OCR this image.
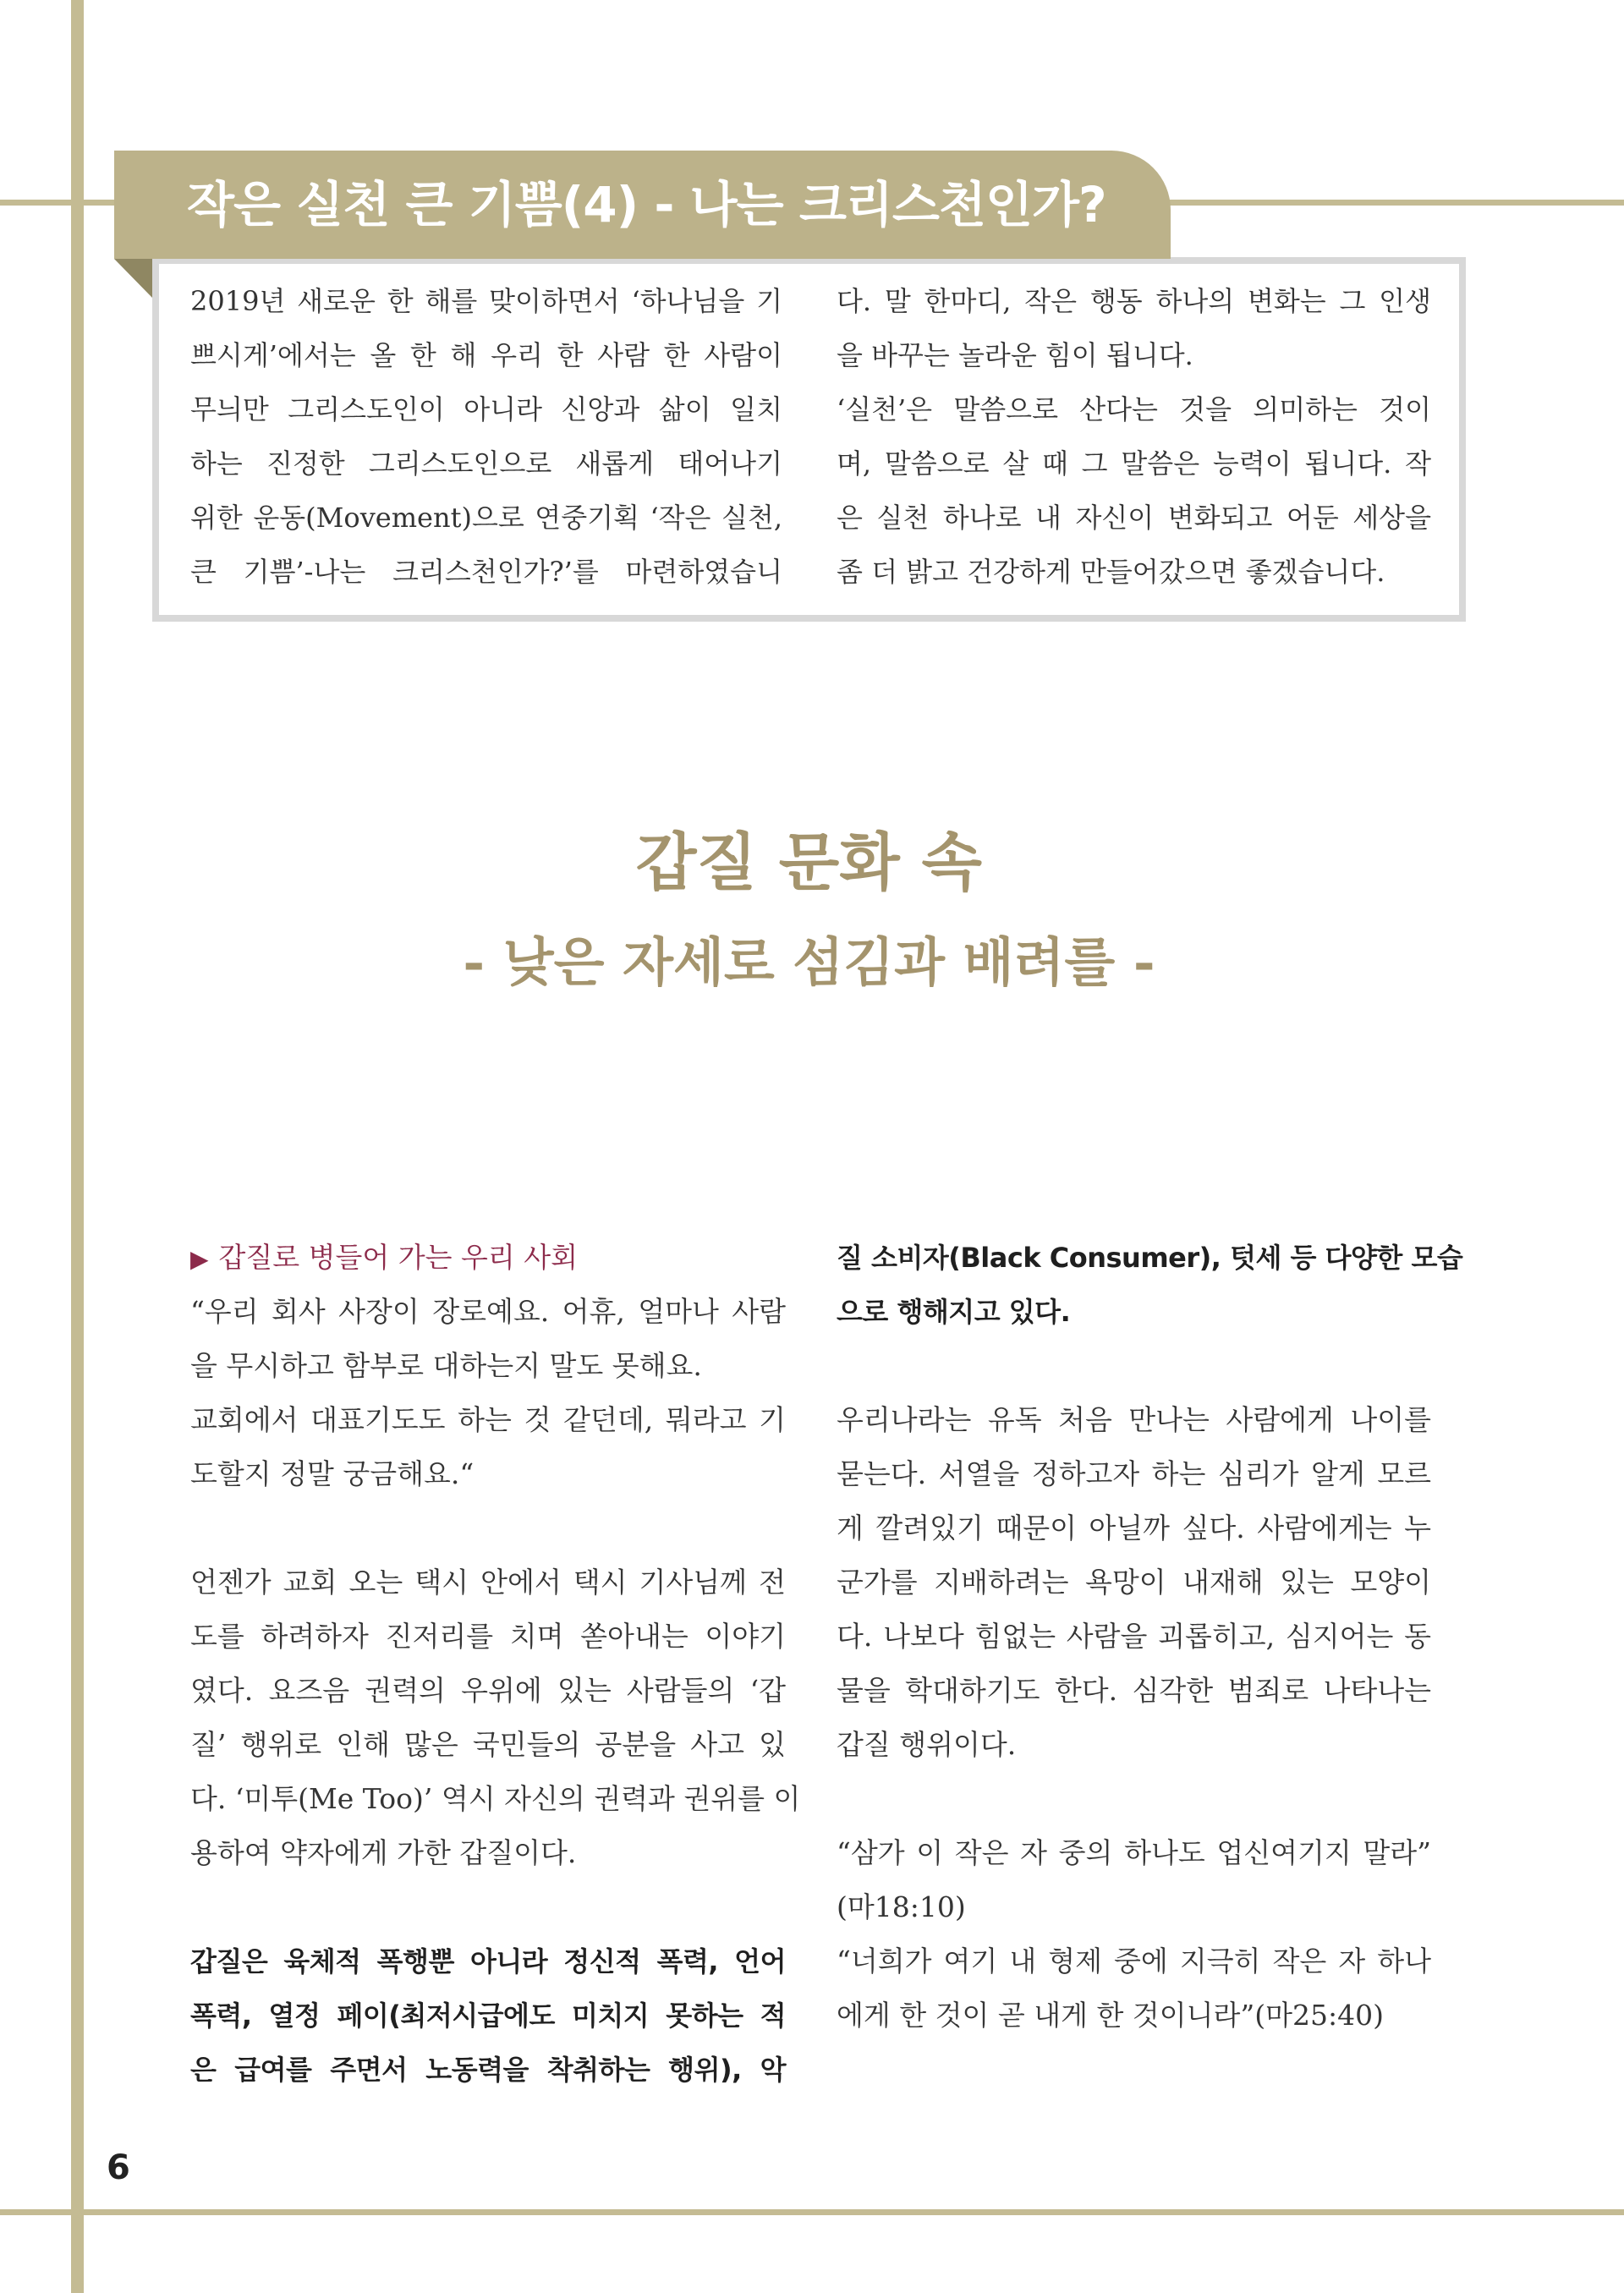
작은 실천 큰 기쁨(4) - 나는 크리스천인가?
2019년 새로운 한 해를 맞이하면서 ‘하나님을 기
쁘시게’에서는 올 한 해 우리 한 사람 한 사람이
무늬만 그리스도인이 아니라 신앙과 삶이 일치
하는 진정한 그리스도인으로 새롭게 태어나기
위한 운동(Movement)으로 연중기획 ‘작은 실천,
큰 기쁨’-나는 크리스천인가?’를 마련하였습니
다. 말 한마디, 작은 행동 하나의 변화는 그 인생
을 바꾸는 놀라운 힘이 됩니다.
‘실천’은 말씀으로 산다는 것을 의미하는 것이
며, 말씀으로 살 때 그 말씀은 능력이 됩니다. 작
은 실천 하나로 내 자신이 변화되고 어둔 세상을
좀 더 밝고 건강하게 만들어갔으면 좋겠습니다.
갑질 문화 속
- 낮은 자세로 섬김과 배려를 -
▶ 갑질로 병들어 가는 우리 사회
“우리 회사 사장이 장로예요. 어휴, 얼마나 사람
을 무시하고 함부로 대하는지 말도 못해요.
교회에서 대표기도도 하는 것 같던데, 뭐라고 기
도할지 정말 궁금해요.“
언젠가 교회 오는 택시 안에서 택시 기사님께 전
도를 하려하자 진저리를 치며 쏟아내는 이야기
였다. 요즈음 권력의 우위에 있는 사람들의 ‘갑
질’ 행위로 인해 많은 국민들의 공분을 사고 있
다. ‘미투(Me Too)’ 역시 자신의 권력과 권위를 이
용하여 약자에게 가한 갑질이다.
갑질은 육체적 폭행뿐 아니라 정신적 폭력, 언어
폭력, 열정 페이(최저시급에도 미치지 못하는 적
은 급여를 주면서 노동력을 착취하는 행위), 악
질 소비자(Black Consumer), 텃세 등 다양한 모습
으로 행해지고 있다.
우리나라는 유독 처음 만나는 사람에게 나이를
묻는다. 서열을 정하고자 하는 심리가 알게 모르
게 깔려있기 때문이 아닐까 싶다. 사람에게는 누
군가를 지배하려는 욕망이 내재해 있는 모양이
다. 나보다 힘없는 사람을 괴롭히고, 심지어는 동
물을 학대하기도 한다. 심각한 범죄로 나타나는
갑질 행위이다.
“삼가 이 작은 자 중의 하나도 업신여기지 말라”
(마18:10)
“너희가 여기 내 형제 중에 지극히 작은 자 하나
에게 한 것이 곧 내게 한 것이니라”(마25:40)
6
